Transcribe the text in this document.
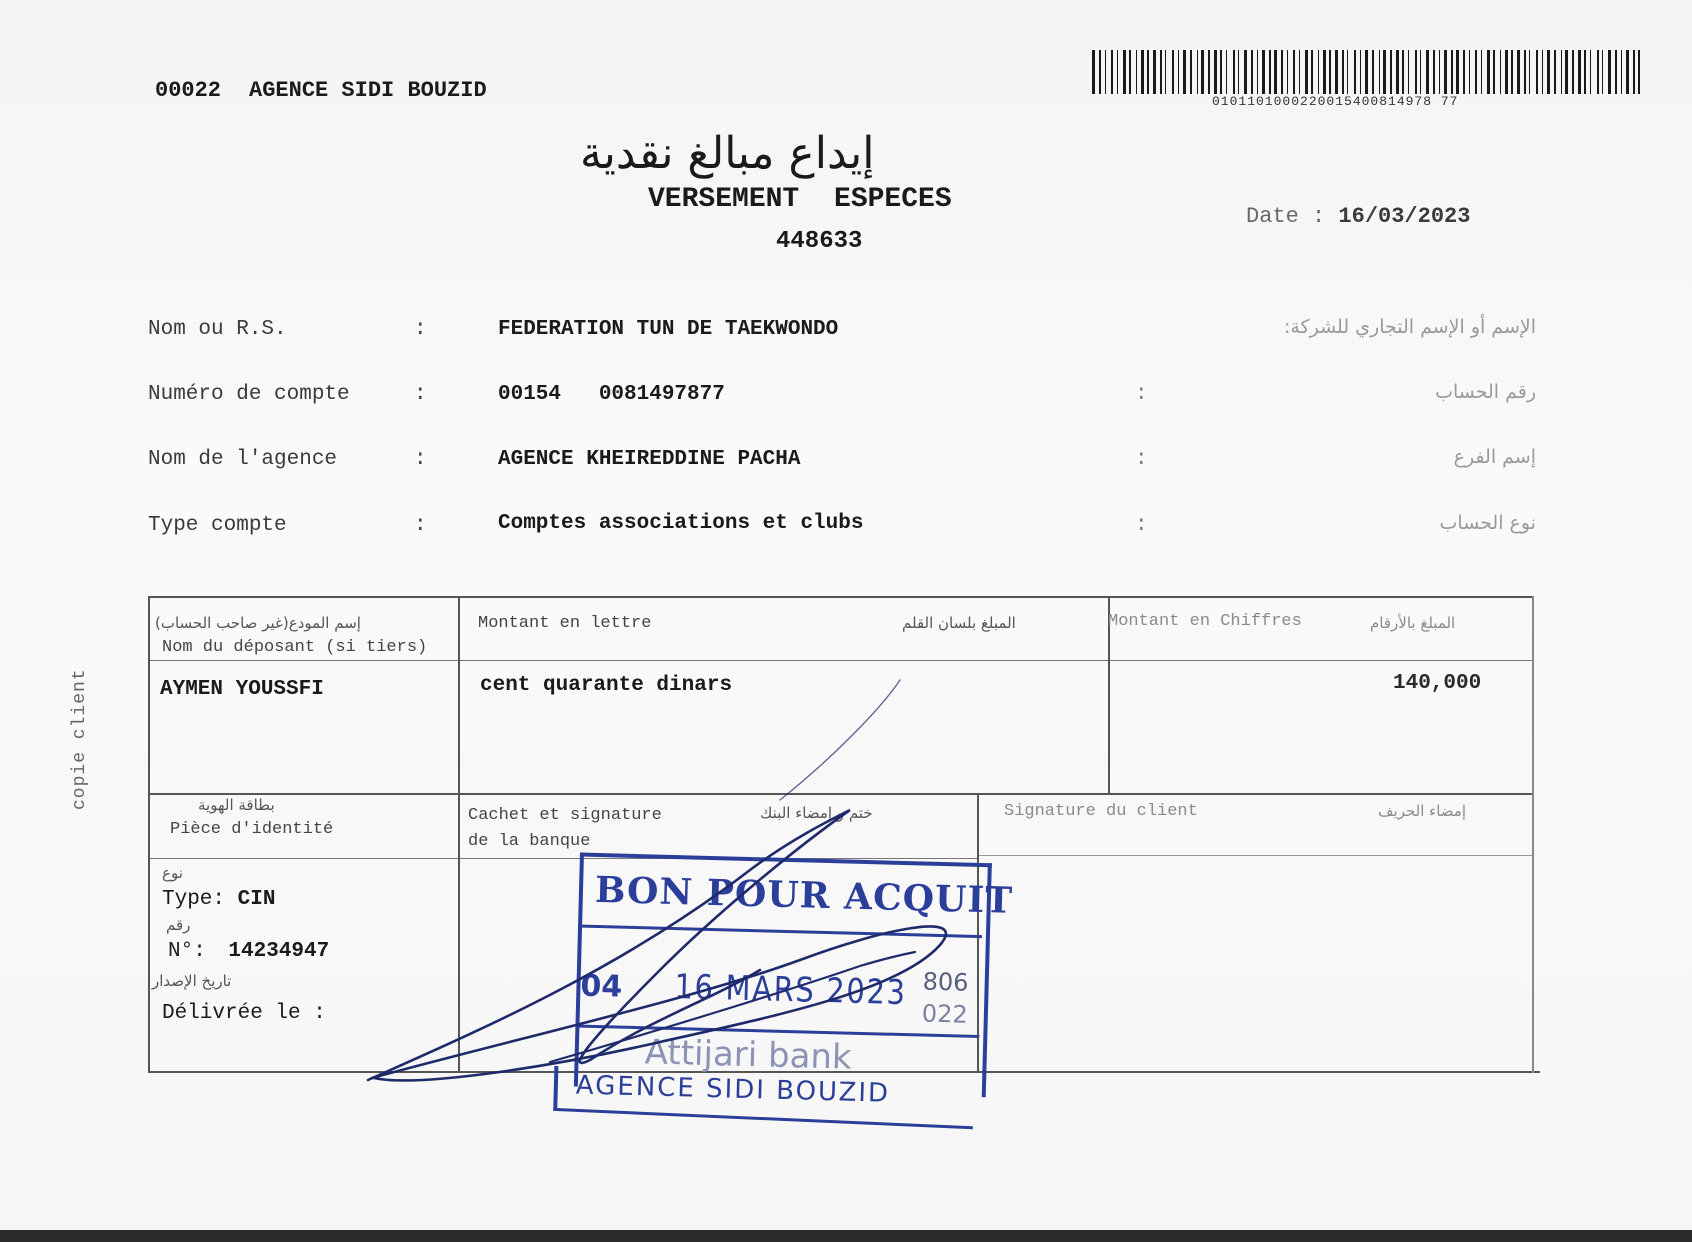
00022 AGENCE SIDI BOUZID	0101101000220015400814978 77
إيداع مبالغ نقدية
VERSEMENT ESPECES
448633
Date : 16/03/2023
Nom ou R.S.	:	FEDERATION TUN DE TAEKWONDO	الإسم أو الإسم التجاري للشركة:
Numéro de compte	:	00154   0081497877	:	رقم الحساب
Nom de l'agence	:	AGENCE KHEIREDDINE PACHA	:	إسم الفرع
Type compte	:	Comptes associations et clubs	:	نوع الحساب
copie client
إسم المودع(غير صاحب الحساب)
Nom du déposant (si tiers)
Montant en lettre	المبلغ بلسان القلم	Montant en Chiffres	المبلغ بالأرقام
AYMEN YOUSSFI	cent quarante dinars	140,000
بطاقة الهوية
Pièce d'identité
نوع
Type: CIN
رقم
N°: 14234947
تاريخ الإصدار
Délivrée le :
Cachet et signature
de la banque
ختم و إمضاء البنك	Signature du client	إمضاء الحريف
BON POUR ACQUIT
04 16 MARS 2023 806
022
Attijari bank
AGENCE SIDI BOUZID
